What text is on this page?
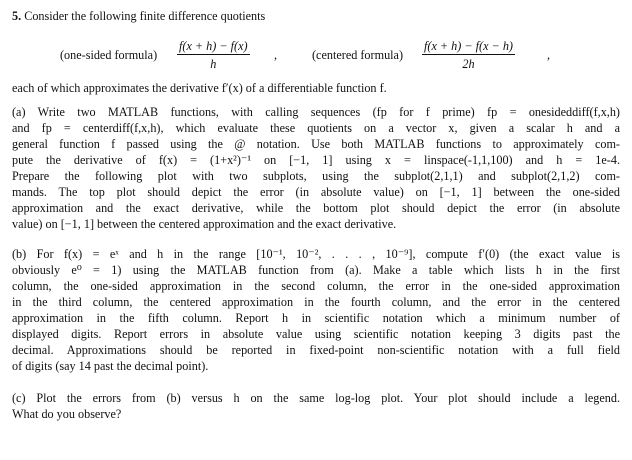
5. Consider the following finite difference quotients
(one-sided formula) $\frac{f(x + h) - f(x)}{h}$ ,	(centered formula) $\frac{f(x + h) - f(x - h)}{2h}$	,
each of which approximates the derivative f′(x) of a differentiable function f.
(a) Write two MATLAB functions, with calling sequences (fp for f prime) fp = onesideddiff(f,x,h)
and fp = centerdiff(f,x,h), which evaluate these quotients on a vector x, given a scalar h and a
general function f passed using the @ notation. Use both MATLAB functions to approximately com-
pute the derivative of f(x) = (1+x²)⁻¹ on [−1, 1] using x = linspace(-1,1,100) and h = 1e-4.
Prepare the following plot with two subplots, using the subplot(2,1,1) and subplot(2,1,2) com-
mands. The top plot should depict the error (in absolute value) on [−1, 1] between the one-sided
approximation and the exact derivative, while the bottom plot should depict the error (in absolute
value) on [−1, 1] between the centered approximation and the exact derivative.
(b) For f(x) = eˣ and h in the range [10⁻¹, 10⁻², . . . , 10⁻⁹], compute f′(0) (the exact value is
obviously e⁰ = 1) using the MATLAB function from (a). Make a table which lists h in the first
column, the one-sided approximation in the second column, the error in the one-sided approximation
in the third column, the centered approximation in the fourth column, and the error in the centered
approximation in the fifth column. Report h in scientific notation which a minimum number of
displayed digits. Report errors in absolute value using scientific notation keeping 3 digits past the
decimal. Approximations should be reported in fixed-point non-scientific notation with a full field
of digits (say 14 past the decimal point).
(c) Plot the errors from (b) versus h on the same log-log plot. Your plot should include a legend.
What do you observe?
